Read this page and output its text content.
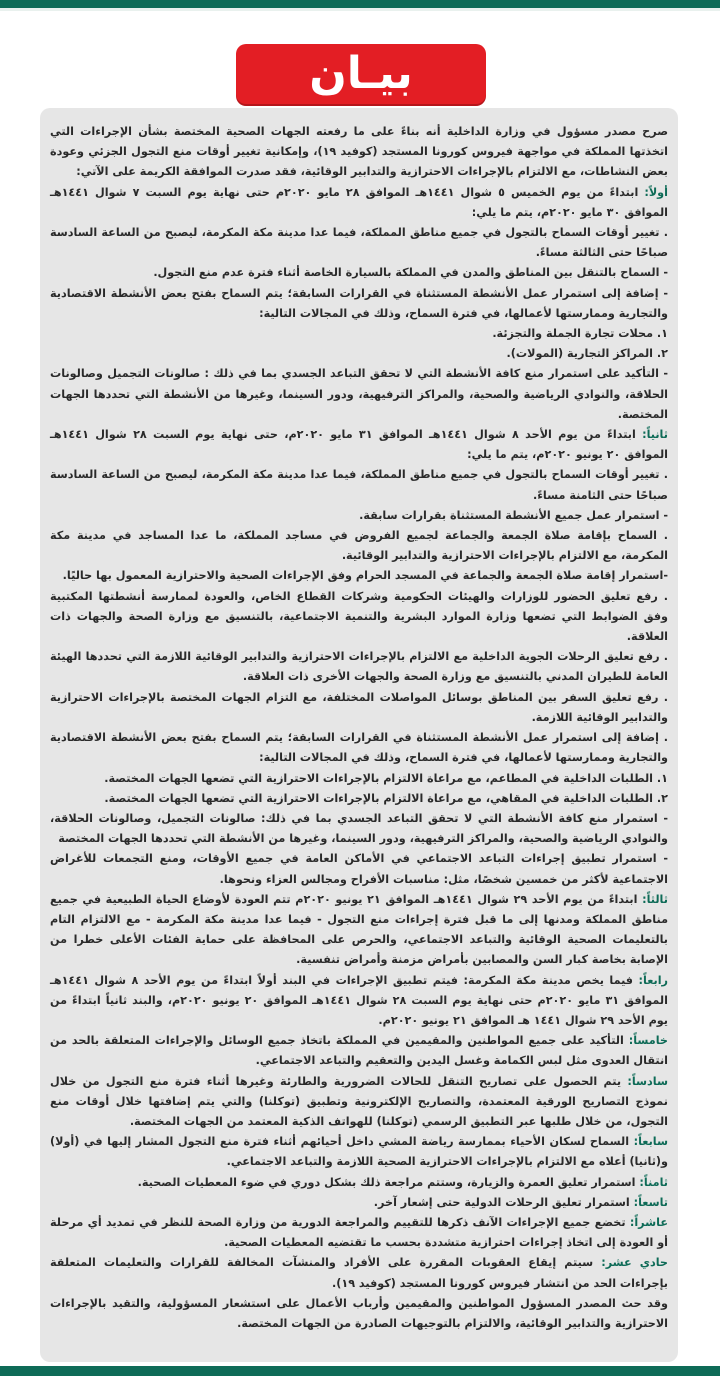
بيـان

صرح مصدر مسؤول في وزارة الداخلية أنه بناءً على ما رفعته الجهات الصحية المختصة بشأن الإجراءات التي اتخذتها المملكة في مواجهة فيروس كورونا المستجد (كوفيد ١٩)، وإمكانية تغيير أوقات منع التجول الجزئي وعودة بعض النشاطات، مع الالتزام بالإجراءات الاحترازية والتدابير الوقائية، فقد صدرت الموافقة الكريمة على الآتي:

أولاً: ابتداءً من يوم الخميس ٥ شوال ١٤٤١هـ الموافق ٢٨ مايو ٢٠٢٠م حتى نهاية يوم السبت ٧ شوال ١٤٤١هـ الموافق ٣٠ مايو ٢٠٢٠م، يتم ما يلي:

. تغيير أوقات السماح بالتجول في جميع مناطق المملكة، فيما عدا مدينة مكة المكرمة، ليصبح من الساعة السادسة صباحًا حتى الثالثة مساءً.

- السماح بالتنقل بين المناطق والمدن في المملكة بالسيارة الخاصة أثناء فترة عدم منع التجول.

- إضافة إلى استمرار عمل الأنشطة المستثناة في القرارات السابقة؛ يتم السماح بفتح بعض الأنشطة الاقتصادية والتجارية وممارستها لأعمالها، في فترة السماح، وذلك في المجالات التالية:

١. محلات تجارة الجملة والتجزئة.

٢. المراكز التجارية (المولات).

- التأكيد على استمرار منع كافة الأنشطة التي لا تحقق التباعد الجسدي بما في ذلك : صالونات التجميل وصالونات الحلاقة، والنوادي الرياضية والصحية، والمراكز الترفيهية، ودور السينما، وغيرها من الأنشطة التي تحددها الجهات المختصة.

ثانياً: ابتداءً من يوم الأحد ٨ شوال ١٤٤١هـ الموافق ٣١ مايو ٢٠٢٠م، حتى نهاية يوم السبت ٢٨ شوال ١٤٤١هـ الموافق ٢٠ يونيو ٢٠٢٠م، يتم ما يلي:

. تغيير أوقات السماح بالتجول في جميع مناطق المملكة، فيما عدا مدينة مكة المكرمة، ليصبح من الساعة السادسة صباحًا حتى الثامنة مساءً.

- استمرار عمل جميع الأنشطة المستثناة بقرارات سابقة.

. السماح بإقامة صلاة الجمعة والجماعة لجميع الفروض في مساجد المملكة، ما عدا المساجد في مدينة مكة المكرمة، مع الالتزام بالإجراءات الاحترازية والتدابير الوقائية.

-استمرار إقامة صلاة الجمعة والجماعة في المسجد الحرام وفق الإجراءات الصحية والاحترازية المعمول بها حاليًا.

. رفع تعليق الحضور للوزارات والهيئات الحكومية وشركات القطاع الخاص، والعودة لممارسة أنشطتها المكتبية وفق الضوابط التي تضعها وزارة الموارد البشرية والتنمية الاجتماعية، بالتنسيق مع وزارة الصحة والجهات ذات العلاقة.

. رفع تعليق الرحلات الجوية الداخلية مع الالتزام بالإجراءات الاحترازية والتدابير الوقائية اللازمة التي تحددها الهيئة العامة للطيران المدني بالتنسيق مع وزارة الصحة والجهات الأخرى ذات العلاقة.

. رفع تعليق السفر بين المناطق بوسائل المواصلات المختلفة، مع التزام الجهات المختصة بالإجراءات الاحترازية والتدابير الوقائية اللازمة.

. إضافة إلى استمرار عمل الأنشطة المستثناة في القرارات السابقة؛ يتم السماح بفتح بعض الأنشطة الاقتصادية والتجارية وممارستها لأعمالها، في فترة السماح، وذلك في المجالات التالية:

١. الطلبات الداخلية في المطاعم، مع مراعاة الالتزام بالإجراءات الاحترازية التي تضعها الجهات المختصة.

٢. الطلبات الداخلية في المقاهي، مع مراعاة الالتزام بالإجراءات الاحترازية التي تضعها الجهات المختصة.

- استمرار منع كافة الأنشطة التي لا تحقق التباعد الجسدي بما في ذلك: صالونات التجميل، وصالونات الحلاقة، والنوادي الرياضية والصحية، والمراكز الترفيهية، ودور السينما، وغيرها من الأنشطة التي تحددها الجهات المختصة

- استمرار تطبيق إجراءات التباعد الاجتماعي في الأماكن العامة في جميع الأوقات، ومنع التجمعات للأغراض الاجتماعية لأكثر من خمسين شخصًا، مثل: مناسبات الأفراح ومجالس العزاء ونحوها.

ثالثاً: ابتداءً من يوم الأحد ٢٩ شوال ١٤٤١هـ الموافق ٢١ يونيو ٢٠٢٠م تتم العودة لأوضاع الحياة الطبيعية في جميع مناطق المملكة ومدنها إلى ما قبل فترة إجراءات منع التجول - فيما عدا مدينة مكة المكرمة - مع الالتزام التام بالتعليمات الصحية الوقائية والتباعد الاجتماعي، والحرص على المحافظة على حماية الفئات الأعلى خطرا من الإصابة بخاصة كبار السن والمصابين بأمراض مزمنة وأمراض تنفسية.

رابعاً: فيما يخص مدينة مكة المكرمة: فيتم تطبيق الإجراءات في البند أولاً ابتداءً من يوم الأحد ٨ شوال ١٤٤١هـ الموافق ٣١ مايو ٢٠٢٠م حتى نهاية يوم السبت ٢٨ شوال ١٤٤١هـ الموافق ٢٠ يونيو ٢٠٢٠م، والبند ثانياً ابتداءً من يوم الأحد ٢٩ شوال ١٤٤١ هـ الموافق ٢١ يونيو ٢٠٢٠م.

خامساً: التأكيد على جميع المواطنين والمقيمين في المملكة باتخاذ جميع الوسائل والإجراءات المتعلقة بالحد من انتقال العدوى مثل لبس الكمامة وغسل اليدين والتعقيم والتباعد الاجتماعي.

سادساً: يتم الحصول على تصاريح التنقل للحالات الضرورية والطارئة وغيرها أثناء فترة منع التجول من خلال نموذج التصاريح الورقية المعتمدة، والتصاريح الإلكترونية وتطبيق (توكلنا) والتي يتم إضافتها خلال أوقات منع التجول، من خلال طلبها عبر التطبيق الرسمي (توكلنا) للهواتف الذكية المعتمد من الجهات المختصة.

سابعاً: السماح لسكان الأحياء بممارسة رياضة المشي داخل أحيائهم أثناء فترة منع التجول المشار إليها في (أولا) و(ثانيا) أعلاه مع الالتزام بالإجراءات الاحترازية الصحية اللازمة والتباعد الاجتماعي.

ثامناً: استمرار تعليق العمرة والزيارة، وستتم مراجعة ذلك بشكل دوري في ضوء المعطيات الصحية.

تاسعاً: استمرار تعليق الرحلات الدولية حتى إشعار آخر.

عاشراً: تخضع جميع الإجراءات الآنف ذكرها للتقييم والمراجعة الدورية من وزارة الصحة للنظر في تمديد أي مرحلة أو العودة إلى اتخاذ إجراءات احترازية متشددة بحسب ما تقتضيه المعطيات الصحية.

حادي عشر: سيتم إيقاع العقوبات المقررة على الأفراد والمنشآت المخالفة للقرارات والتعليمات المتعلقة بإجراءات الحد من انتشار فيروس كورونا المستجد (كوفيد ١٩).

وقد حث المصدر المسؤول المواطنين والمقيمين وأرباب الأعمال على استشعار المسؤولية، والتقيد بالإجراءات الاحترازية والتدابير الوقائية، والالتزام بالتوجيهات الصادرة من الجهات المختصة.
